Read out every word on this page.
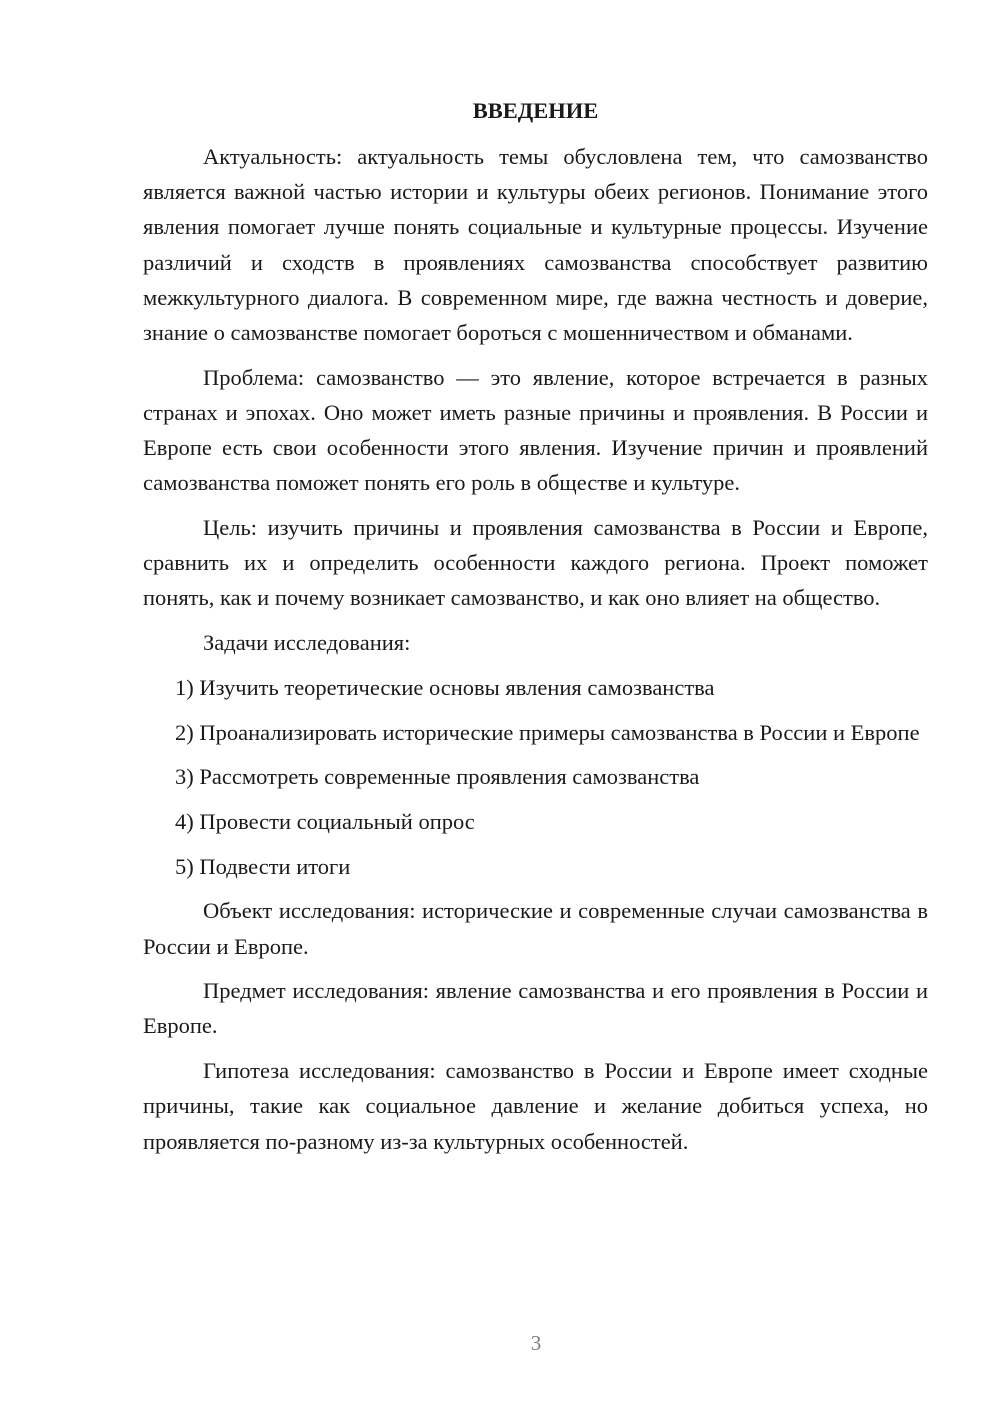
ВВЕДЕНИЕ

Актуальность: актуальность темы обусловлена тем, что самозванство является важной частью истории и культуры обеих регионов. Понимание этого явления помогает лучше понять социальные и культурные процессы. Изучение различий и сходств в проявлениях самозванства способствует развитию межкультурного диалога. В современном мире, где важна честность и доверие, знание о самозванстве помогает бороться с мошенничеством и обманами.

Проблема: самозванство — это явление, которое встречается в разных странах и эпохах. Оно может иметь разные причины и проявления. В России и Европе есть свои особенности этого явления. Изучение причин и проявлений самозванства поможет понять его роль в обществе и культуре.

Цель: изучить причины и проявления самозванства в России и Европе, сравнить их и определить особенности каждого региона. Проект поможет понять, как и почему возникает самозванство, и как оно влияет на общество.

Задачи исследования:

1) Изучить теоретические основы явления самозванства

2) Проанализировать исторические примеры самозванства в России и Европе

3) Рассмотреть современные проявления самозванства

4) Провести социальный опрос

5) Подвести итоги

Объект исследования: исторические и современные случаи самозванства в России и Европе.

Предмет исследования: явление самозванства и его проявления в России и Европе.

Гипотеза исследования: самозванство в России и Европе имеет сходные причины, такие как социальное давление и желание добиться успеха, но проявляется по-разному из-за культурных особенностей.

3
